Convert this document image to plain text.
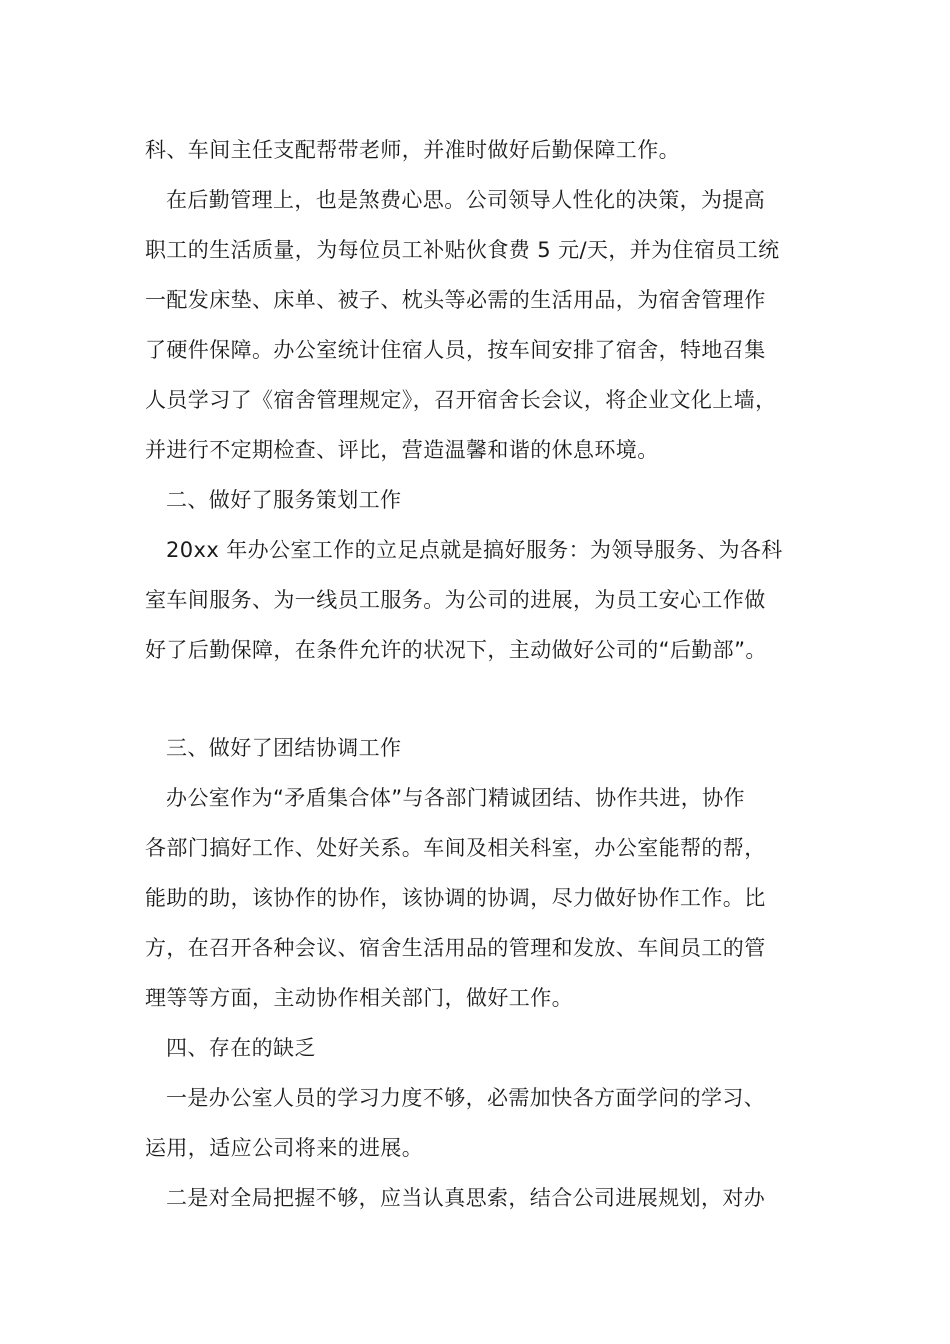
科、车间主任支配帮带老师，并准时做好后勤保障工作。
在后勤管理上，也是煞费心思。公司领导人性化的决策，为提高
职工的生活质量，为每位员工补贴伙食费 5 元/天，并为住宿员工统
一配发床垫、床单、被子、枕头等必需的生活用品，为宿舍管理作
了硬件保障。办公室统计住宿人员，按车间安排了宿舍，特地召集
人员学习了《宿舍管理规定》，召开宿舍长会议，将企业文化上墙，
并进行不定期检查、评比，营造温馨和谐的休息环境。
二、做好了服务策划工作
20xx 年办公室工作的立足点就是搞好服务：为领导服务、为各科
室车间服务、为一线员工服务。为公司的进展，为员工安心工作做
好了后勤保障，在条件允许的状况下，主动做好公司的“后勤部”。
三、做好了团结协调工作
办公室作为“矛盾集合体”与各部门精诚团结、协作共进，协作
各部门搞好工作、处好关系。车间及相关科室，办公室能帮的帮，
能助的助，该协作的协作，该协调的协调，尽力做好协作工作。比
方，在召开各种会议、宿舍生活用品的管理和发放、车间员工的管
理等等方面，主动协作相关部门，做好工作。
四、存在的缺乏
一是办公室人员的学习力度不够，必需加快各方面学问的学习、
运用，适应公司将来的进展。
二是对全局把握不够，应当认真思索，结合公司进展规划，对办
